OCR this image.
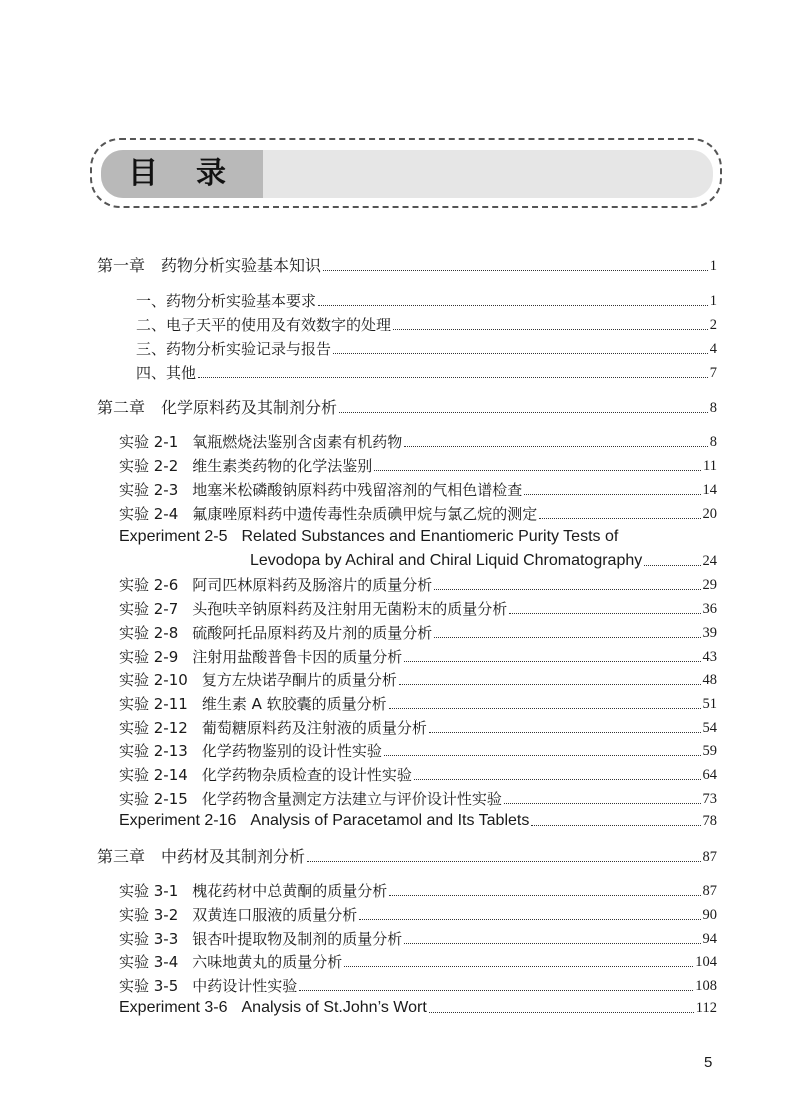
目 录
第一章 药物分析实验基本知识	1
一、药物分析实验基本要求	1
二、电子天平的使用及有效数字的处理	2
三、药物分析实验记录与报告	4
四、其他	7
第二章 化学原料药及其制剂分析	8
实验 2-1 氧瓶燃烧法鉴别含卤素有机药物	8
实验 2-2 维生素类药物的化学法鉴别	11
实验 2-3 地塞米松磷酸钠原料药中残留溶剂的气相色谱检查	14
实验 2-4 氟康唑原料药中遗传毒性杂质碘甲烷与氯乙烷的测定	20
Experiment 2-5 Related Substances and Enantiomeric Purity Tests of
Levodopa by Achiral and Chiral Liquid Chromatography	24
实验 2-6 阿司匹林原料药及肠溶片的质量分析	29
实验 2-7 头孢呋辛钠原料药及注射用无菌粉末的质量分析	36
实验 2-8 硫酸阿托品原料药及片剂的质量分析	39
实验 2-9 注射用盐酸普鲁卡因的质量分析	43
实验 2-10 复方左炔诺孕酮片的质量分析	48
实验 2-11 维生素 A 软胶囊的质量分析	51
实验 2-12 葡萄糖原料药及注射液的质量分析	54
实验 2-13 化学药物鉴别的设计性实验	59
实验 2-14 化学药物杂质检查的设计性实验	64
实验 2-15 化学药物含量测定方法建立与评价设计性实验	73
Experiment 2-16 Analysis of Paracetamol and Its Tablets	78
第三章 中药材及其制剂分析	87
实验 3-1 槐花药材中总黄酮的质量分析	87
实验 3-2 双黄连口服液的质量分析	90
实验 3-3 银杏叶提取物及制剂的质量分析	94
实验 3-4 六味地黄丸的质量分析	104
实验 3-5 中药设计性实验	108
Experiment 3-6 Analysis of St.John’s Wort	112
5
